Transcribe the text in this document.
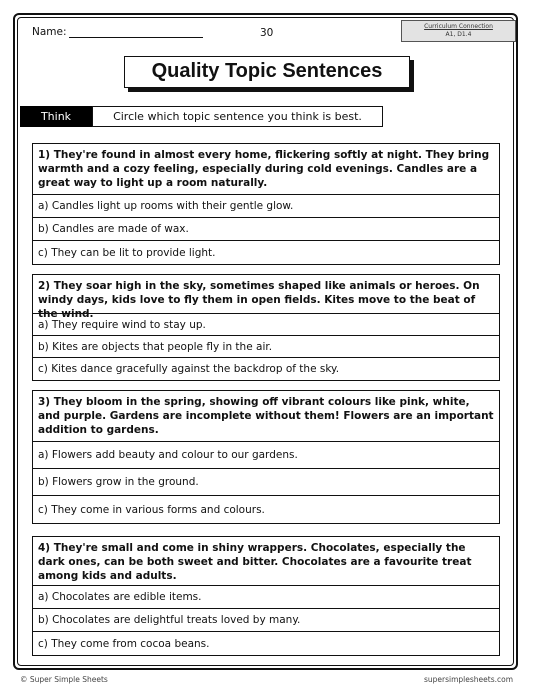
Name:	30
Curriculum Connection
A1, D1.4
Quality Topic Sentences
Think	Circle which topic sentence you think is best.
1) They're found in almost every home, flickering softly at night. They bring warmth and a cozy feeling, especially during cold evenings. Candles are a great way to light up a room naturally.
a) Candles light up rooms with their gentle glow.
b) Candles are made of wax.
c) They can be lit to provide light.
2) They soar high in the sky, sometimes shaped like animals or heroes. On windy days, kids love to fly them in open fields. Kites move to the beat of the wind.
a) They require wind to stay up.
b) Kites are objects that people fly in the air.
c) Kites dance gracefully against the backdrop of the sky.
3) They bloom in the spring, showing off vibrant colours like pink, white, and purple. Gardens are incomplete without them! Flowers are an important addition to gardens.
a) Flowers add beauty and colour to our gardens.
b) Flowers grow in the ground.
c) They come in various forms and colours.
4) They're small and come in shiny wrappers. Chocolates, especially the dark ones, can be both sweet and bitter. Chocolates are a favourite treat among kids and adults.
a) Chocolates are edible items.
b) Chocolates are delightful treats loved by many.
c) They come from cocoa beans.
© Super Simple Sheets	supersimplesheets.com
